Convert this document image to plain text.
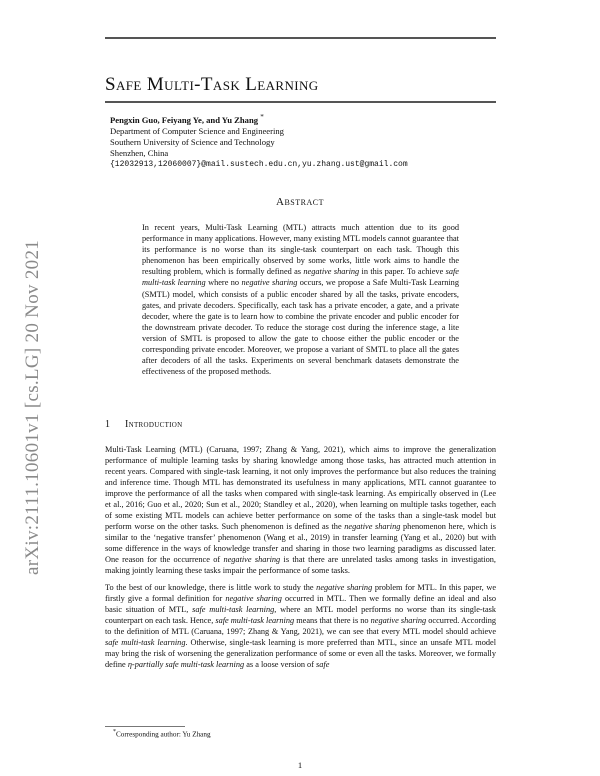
Safe Multi-Task Learning
Pengxin Guo, Feiyang Ye, and Yu Zhang *
Department of Computer Science and Engineering
Southern University of Science and Technology
Shenzhen, China
{12032913,12060007}@mail.sustech.edu.cn,yu.zhang.ust@gmail.com
Abstract
In recent years, Multi-Task Learning (MTL) attracts much attention due to its good performance in many applications. However, many existing MTL models cannot guarantee that its performance is no worse than its single-task counterpart on each task. Though this phenomenon has been empirically observed by some works, little work aims to handle the resulting problem, which is formally defined as negative sharing in this paper. To achieve safe multi-task learning where no negative sharing occurs, we propose a Safe Multi-Task Learning (SMTL) model, which consists of a public encoder shared by all the tasks, private encoders, gates, and private decoders. Specifically, each task has a private encoder, a gate, and a private decoder, where the gate is to learn how to combine the private encoder and public encoder for the downstream private decoder. To reduce the storage cost during the inference stage, a lite version of SMTL is proposed to allow the gate to choose either the public encoder or the corresponding private encoder. Moreover, we propose a variant of SMTL to place all the gates after decoders of all the tasks. Experiments on several benchmark datasets demonstrate the effectiveness of the proposed methods.
1 Introduction

Multi-Task Learning (MTL) (Caruana, 1997; Zhang & Yang, 2021), which aims to improve the generalization performance of multiple learning tasks by sharing knowledge among those tasks, has attracted much attention in recent years. Compared with single-task learning, it not only improves the performance but also reduces the training and inference time. Though MTL has demonstrated its usefulness in many applications, MTL cannot guarantee to improve the performance of all the tasks when compared with single-task learning. As empirically observed in (Lee et al., 2016; Guo et al., 2020; Sun et al., 2020; Standley et al., 2020), when learning on multiple tasks together, each of some existing MTL models can achieve better performance on some of the tasks than a single-task model but perform worse on the other tasks. Such phenomenon is defined as the negative sharing phenomenon here, which is similar to the ‘negative transfer’ phenomenon (Wang et al., 2019) in transfer learning (Yang et al., 2020) but with some difference in the ways of knowledge transfer and sharing in those two learning paradigms as discussed later. One reason for the occurrence of negative sharing is that there are unrelated tasks among tasks in investigation, making jointly learning these tasks impair the performance of some tasks.

To the best of our knowledge, there is little work to study the negative sharing problem for MTL. In this paper, we firstly give a formal definition for negative sharing occurred in MTL. Then we formally define an ideal and also basic situation of MTL, safe multi-task learning, where an MTL model performs no worse than its single-task counterpart on each task. Hence, safe multi-task learning means that there is no negative sharing occurred. According to the definition of MTL (Caruana, 1997; Zhang & Yang, 2021), we can see that every MTL model should achieve safe multi-task learning. Otherwise, single-task learning is more preferred than MTL, since an unsafe MTL model may bring the risk of worsening the generalization performance of some or even all the tasks. Moreover, we formally define η-partially safe multi-task learning as a loose version of safe

*Corresponding author: Yu Zhang
1
arXiv:2111.10601v1 [cs.LG] 20 Nov 2021
